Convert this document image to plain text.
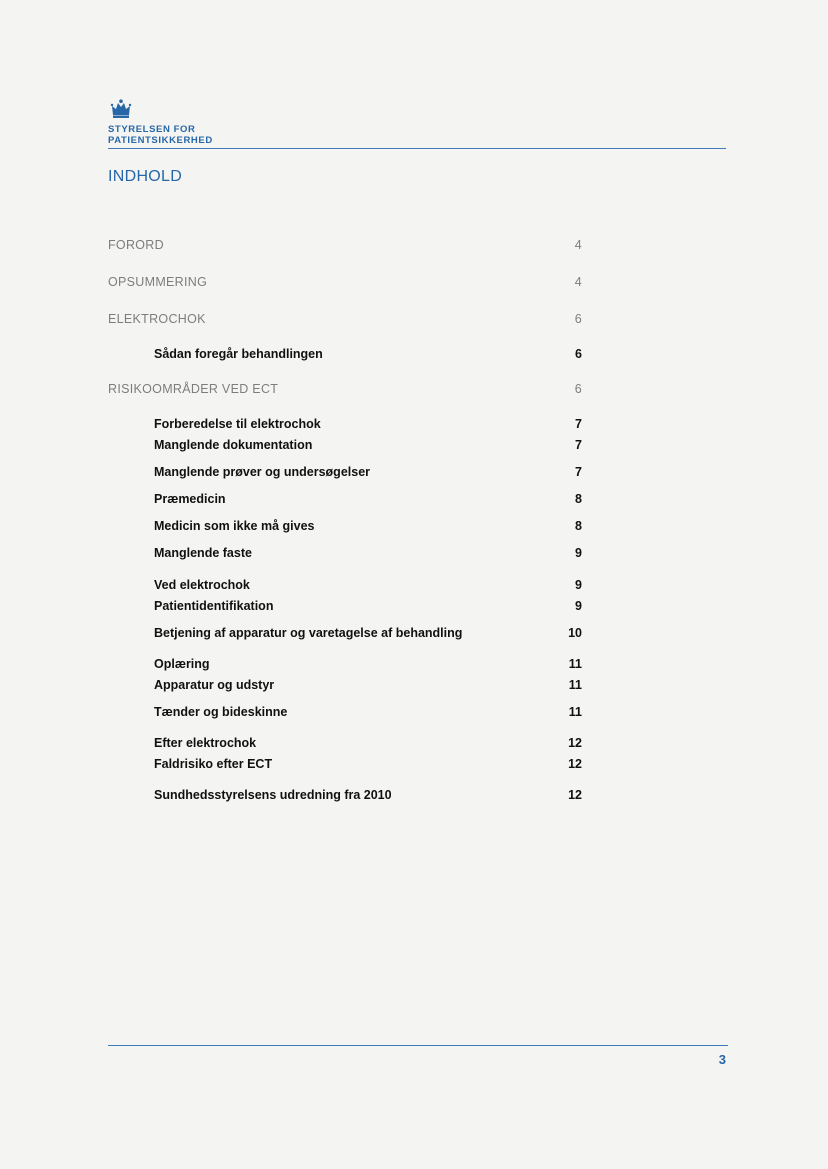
STYRELSEN FOR
PATIENTSIKKERHED
INDHOLD
FORORD	4
OPSUMMERING	4
ELEKTROCHOK	6
Sådan foregår behandlingen	6
RISIKOOMRÅDER VED ECT	6
Forberedelse til elektrochok	7
Manglende dokumentation	7
Manglende prøver og undersøgelser	7
Præmedicin	8
Medicin som ikke må gives	8
Manglende faste	9
Ved elektrochok	9
Patientidentifikation	9
Betjening af apparatur og varetagelse af behandling	10
Oplæring	11
Apparatur og udstyr	11
Tænder og bideskinne	11
Efter elektrochok	12
Faldrisiko efter ECT	12
Sundhedsstyrelsens udredning fra 2010	12
3
